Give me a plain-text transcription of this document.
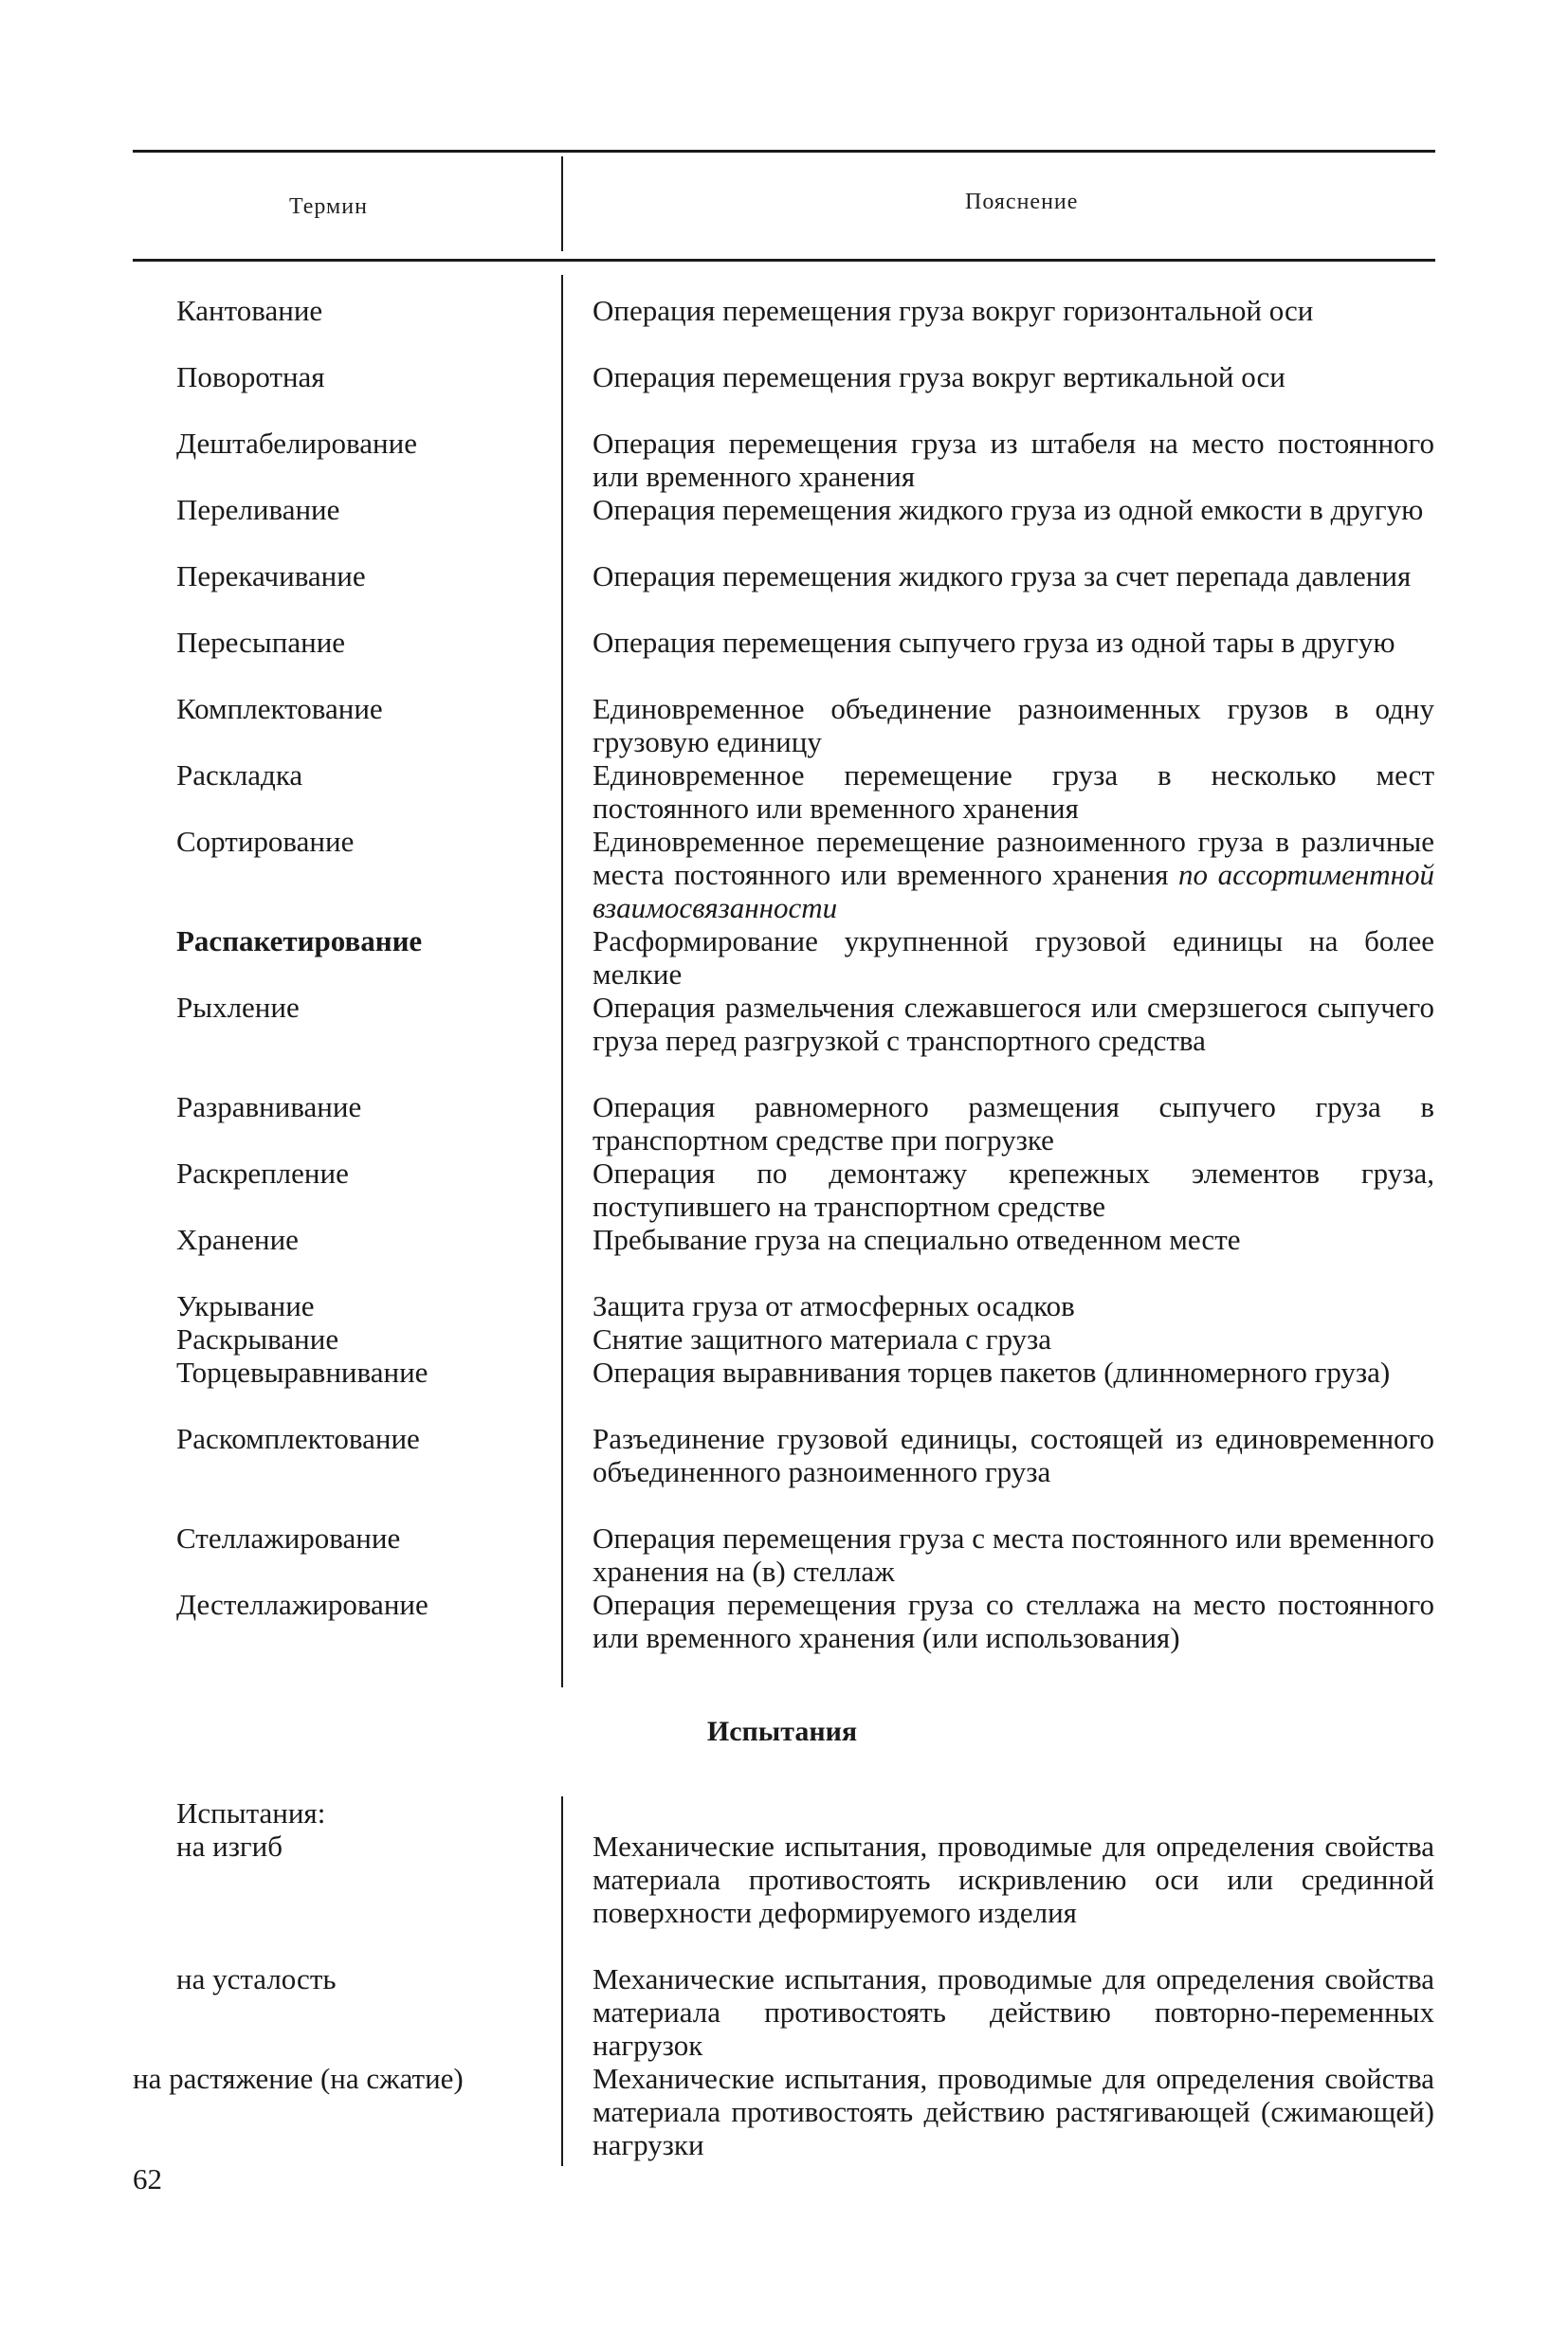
Термин	Пояснение
Кантование	Операция перемещения груза вокруг горизонтальной оси
Поворотная	Операция перемещения груза вокруг вертикальной оси
Дештабелирование	Операция перемещения груза из штабеля на место постоянного или временного хранения
Переливание	Операция перемещения жидкого груза из одной емкости в другую
Перекачивание	Операция перемещения жидкого груза за счет перепада давления
Пересыпание	Операция перемещения сыпучего груза из одной тары в другую
Комплектование	Единовременное объединение разноименных грузов в одну грузовую единицу
Раскладка	Единовременное перемещение груза в несколько мест постоянного или временного хранения
Сортирование	Единовременное перемещение разноименного груза в различные места постоянного или временного хранения по ассортиментной взаимосвязанности
Распакетирование	Расформирование укрупненной грузовой единицы на более мелкие
Рыхление	Операция размельчения слежавшегося или смерзшегося сыпучего груза перед разгрузкой с транспортного средства
Разравнивание	Операция равномерного размещения сыпучего груза в транспортном средстве при погрузке
Раскрепление	Операция по демонтажу крепежных элементов груза, поступившего на транспортном средстве
Хранение	Пребывание груза на специально отведенном месте
Укрывание	Защита груза от атмосферных осадков
Раскрывание	Снятие защитного материала с груза
Торцевыравнивание	Операция выравнивания торцев пакетов (длинномерного груза)
Раскомплектование	Разъединение грузовой единицы, состоящей из единовременного объединенного разноименного груза
Стеллажирование	Операция перемещения груза с места постоянного или временного хранения на (в) стеллаж
Дестеллажирование	Операция перемещения груза со стеллажа на место постоянного или временного хранения (или использования)
Испытания
Испытания:
на изгиб	Механические испытания, проводимые для определения свойства материала противостоять искривлению оси или срединной поверхности деформируемого изделия
на усталость	Механические испытания, проводимые для определения свойства материала противостоять действию повторно-переменных нагрузок
на растяжение (на сжатие)	Механические испытания, проводимые для определения свойства материала противостоять действию растягивающей (сжимающей) нагрузки
62
